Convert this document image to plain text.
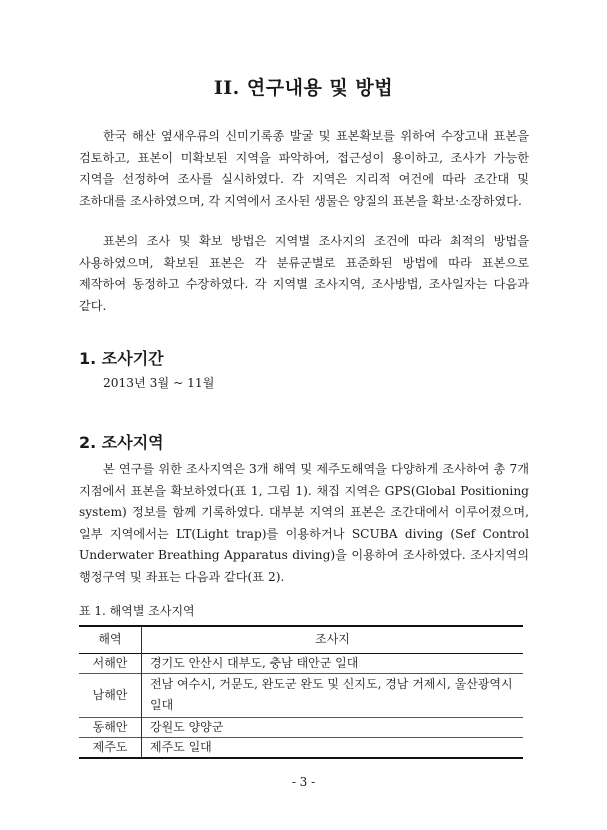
II. 연구내용 및 방법

한국 해산 옆새우류의 신미기록종 발굴 및 표본확보를 위하여 수장고내 표본을 검토하고, 표본이 미확보된 지역을 파악하여, 접근성이 용이하고, 조사가 가능한 지역을 선정하여 조사를 실시하였다. 각 지역은 지리적 여건에 따라 조간대 및 조하대를 조사하였으며, 각 지역에서 조사된 생물은 양질의 표본을 확보·소장하였다.

표본의 조사 및 확보 방법은 지역별 조사지의 조건에 따라 최적의 방법을 사용하였으며, 확보된 표본은 각 분류군별로 표준화된 방법에 따라 표본으로 제작하여 동정하고 수장하였다. 각 지역별 조사지역, 조사방법, 조사일자는 다음과 같다.

1. 조사기간
2013년 3월 ~ 11월
2. 조사지역

본 연구를 위한 조사지역은 3개 해역 및 제주도해역을 다양하게 조사하여 총 7개 지점에서 표본을 확보하였다(표 1, 그림 1). 채집 지역은 GPS(Global Positioning system) 정보를 함께 기록하였다. 대부분 지역의 표본은 조간대에서 이루어졌으며, 일부 지역에서는 LT(Light trap)를 이용하거나 SCUBA diving (Sef Control Underwater Breathing Apparatus diving)을 이용하여 조사하였다. 조사지역의 행정구역 및 좌표는 다음과 같다(표 2).

표 1. 해역별 조사지역
해역	조사지
서해안	경기도 안산시 대부도, 충남 태안군 일대
남해안	전남 여수시, 거문도, 완도군 완도 및 신지도, 경남 거제시, 울산광역시 일대
동해안	강원도 양양군
제주도	제주도 일대
- 3 -
